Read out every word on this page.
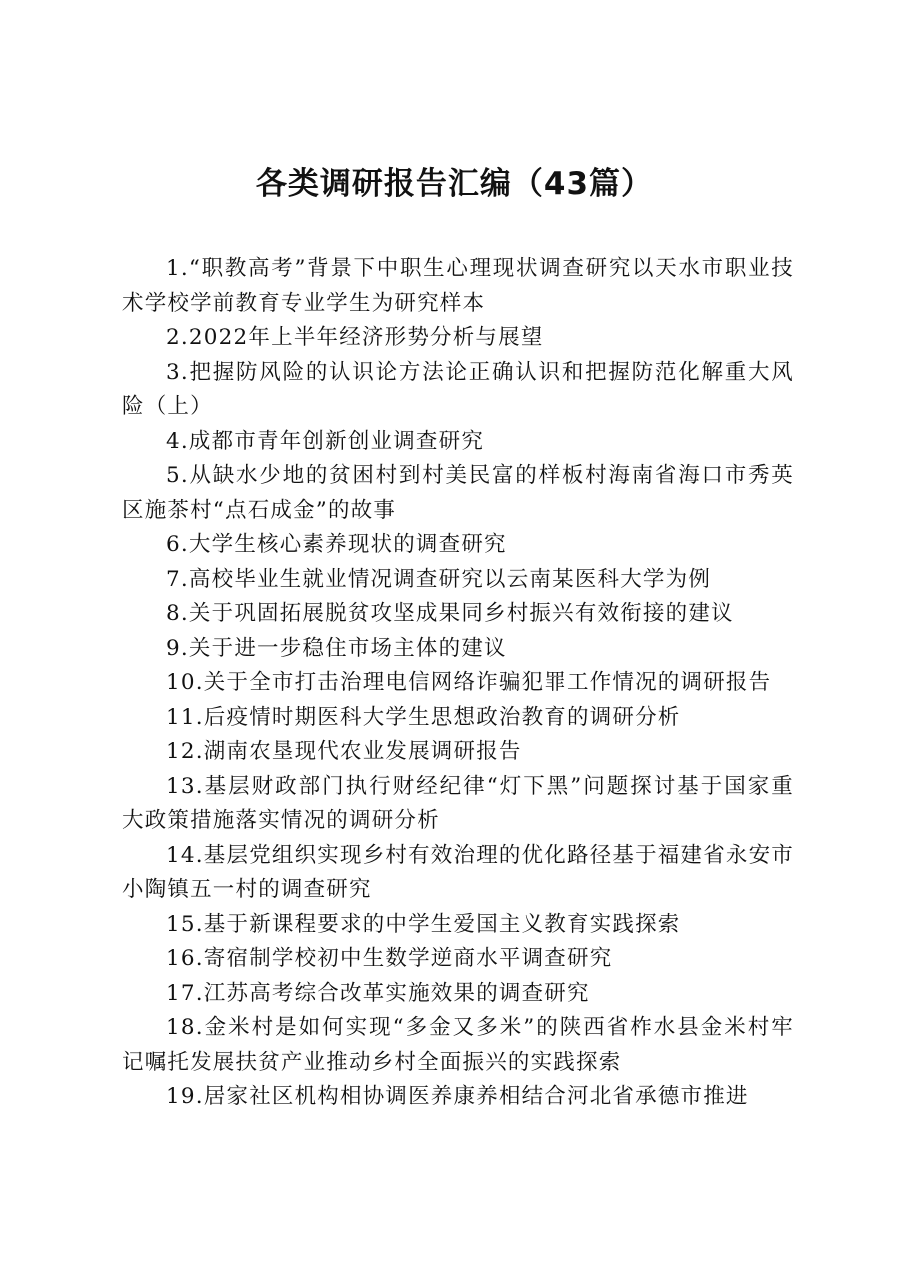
各类调研报告汇编（43篇）
1.“职教高考”背景下中职生心理现状调查研究以天水市职业技术学校学前教育专业学生为研究样本
2.2022年上半年经济形势分析与展望
3.把握防风险的认识论方法论正确认识和把握防范化解重大风险（上）
4.成都市青年创新创业调查研究
5.从缺水少地的贫困村到村美民富的样板村海南省海口市秀英区施茶村“点石成金”的故事
6.大学生核心素养现状的调查研究
7.高校毕业生就业情况调查研究以云南某医科大学为例
8.关于巩固拓展脱贫攻坚成果同乡村振兴有效衔接的建议
9.关于进一步稳住市场主体的建议
10.关于全市打击治理电信网络诈骗犯罪工作情况的调研报告
11.后疫情时期医科大学生思想政治教育的调研分析
12.湖南农垦现代农业发展调研报告
13.基层财政部门执行财经纪律“灯下黑”问题探讨基于国家重大政策措施落实情况的调研分析
14.基层党组织实现乡村有效治理的优化路径基于福建省永安市小陶镇五一村的调查研究
15.基于新课程要求的中学生爱国主义教育实践探索
16.寄宿制学校初中生数学逆商水平调查研究
17.江苏高考综合改革实施效果的调查研究
18.金米村是如何实现“多金又多米”的陕西省柞水县金米村牢记嘱托发展扶贫产业推动乡村全面振兴的实践探索
19.居家社区机构相协调医养康养相结合河北省承德市推进
